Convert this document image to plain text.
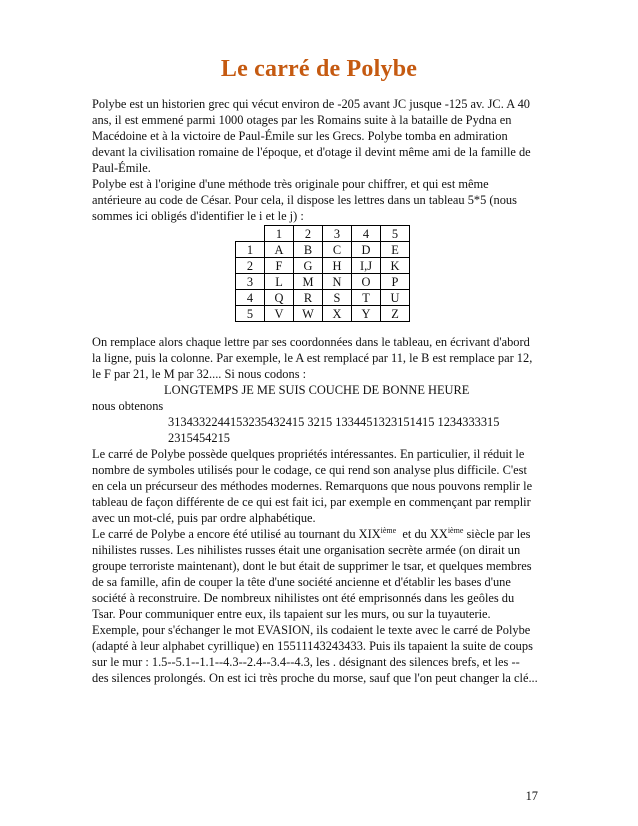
Le carré de Polybe
Polybe est un historien grec qui vécut environ de -205 avant JC jusque -125 av. JC. A 40
ans, il est emmené parmi 1000 otages par les Romains suite à la bataille de Pydna en
Macédoine et à la victoire de Paul-Émile sur les Grecs. Polybe tomba en admiration
devant la civilisation romaine de l'époque, et d'otage il devint même ami de la famille de
Paul-Émile.
Polybe est à l'origine d'une méthode très originale pour chiffrer, et qui est même
antérieure au code de César. Pour cela, il dispose les lettres dans un tableau 5*5 (nous
sommes ici obligés d'identifier le i et le j) :
	1	2	3	4	5
1	A	B	C	D	E
2	F	G	H	I,J	K
3	L	M	N	O	P
4	Q	R	S	T	U
5	V	W	X	Y	Z
On remplace alors chaque lettre par ses coordonnées dans le tableau, en écrivant d'abord
la ligne, puis la colonne. Par exemple, le A est remplacé par 11, le B est remplace par 12,
le F par 21, le M par 32.... Si nous codons :
LONGTEMPS JE ME SUIS COUCHE DE BONNE HEURE
nous obtenons
3134332244153235432415 3215 1334451323151415 1234333315
2315454215
Le carré de Polybe possède quelques propriétés intéressantes. En particulier, il réduit le
nombre de symboles utilisés pour le codage, ce qui rend son analyse plus difficile. C'est
en cela un précurseur des méthodes modernes. Remarquons que nous pouvons remplir le
tableau de façon différente de ce qui est fait ici, par exemple en commençant par remplir
avec un mot-clé, puis par ordre alphabétique.
Le carré de Polybe a encore été utilisé au tournant du XIXième  et du XXième siècle par les
nihilistes russes. Les nihilistes russes était une organisation secrète armée (on dirait un
groupe terroriste maintenant), dont le but était de supprimer le tsar, et quelques membres
de sa famille, afin de couper la tête d'une société ancienne et d'établir les bases d'une
société à reconstruire. De nombreux nihilistes ont été emprisonnés dans les geôles du
Tsar. Pour communiquer entre eux, ils tapaient sur les murs, ou sur la tuyauterie.
Exemple, pour s'échanger le mot EVASION, ils codaient le texte avec le carré de Polybe
(adapté à leur alphabet cyrillique) en 15511143243433. Puis ils tapaient la suite de coups
sur le mur : 1.5--5.1--1.1--4.3--2.4--3.4--4.3, les . désignant des silences brefs, et les --
des silences prolongés. On est ici très proche du morse, sauf que l'on peut changer la clé...
17
